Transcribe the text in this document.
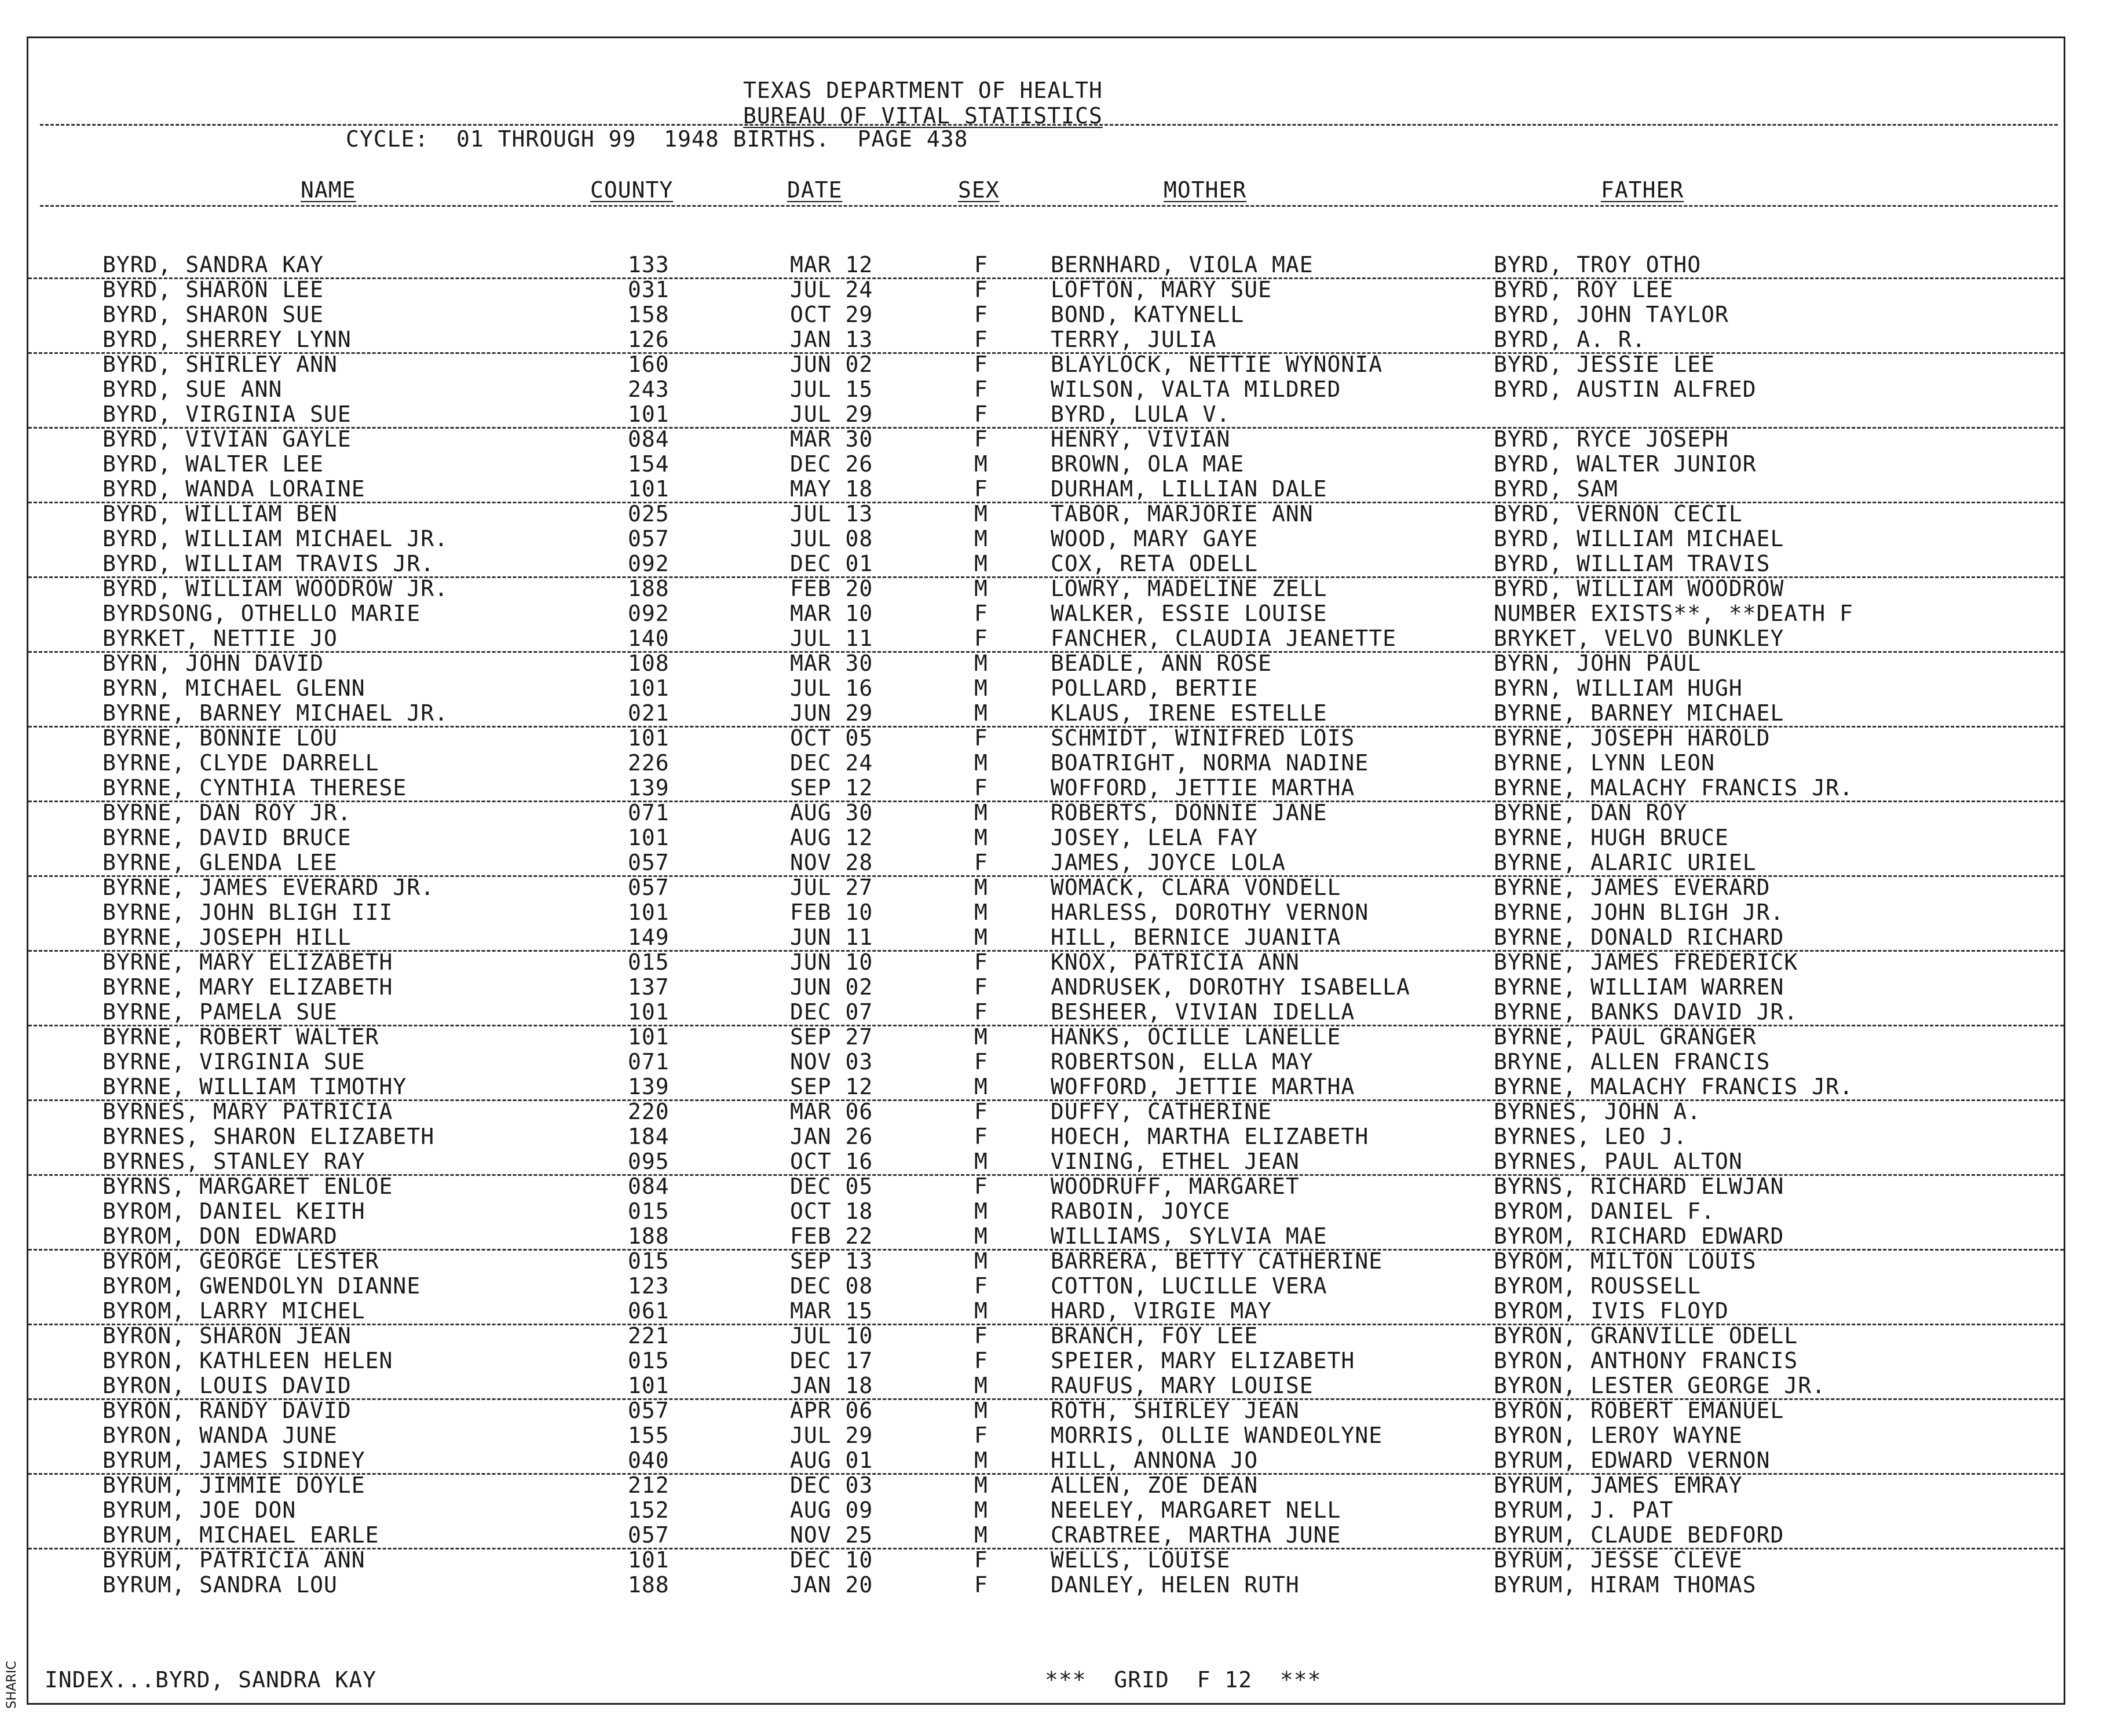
TEXAS DEPARTMENT OF HEALTH
BUREAU OF VITAL STATISTICS
CYCLE:  01 THROUGH 99  1948 BIRTHS.  PAGE 438
NAME	COUNTY	DATE	SEX	MOTHER	FATHER
BYRD, SANDRA KAY	133	MAR 12	F	BERNHARD, VIOLA MAE	BYRD, TROY OTHO
BYRD, SHARON LEE	031	JUL 24	F	LOFTON, MARY SUE	BYRD, ROY LEE
BYRD, SHARON SUE	158	OCT 29	F	BOND, KATYNELL	BYRD, JOHN TAYLOR
BYRD, SHERREY LYNN	126	JAN 13	F	TERRY, JULIA	BYRD, A. R.
BYRD, SHIRLEY ANN	160	JUN 02	F	BLAYLOCK, NETTIE WYNONIA	BYRD, JESSIE LEE
BYRD, SUE ANN	243	JUL 15	F	WILSON, VALTA MILDRED	BYRD, AUSTIN ALFRED
BYRD, VIRGINIA SUE	101	JUL 29	F	BYRD, LULA V.
BYRD, VIVIAN GAYLE	084	MAR 30	F	HENRY, VIVIAN	BYRD, RYCE JOSEPH
BYRD, WALTER LEE	154	DEC 26	M	BROWN, OLA MAE	BYRD, WALTER JUNIOR
BYRD, WANDA LORAINE	101	MAY 18	F	DURHAM, LILLIAN DALE	BYRD, SAM
BYRD, WILLIAM BEN	025	JUL 13	M	TABOR, MARJORIE ANN	BYRD, VERNON CECIL
BYRD, WILLIAM MICHAEL JR.	057	JUL 08	M	WOOD, MARY GAYE	BYRD, WILLIAM MICHAEL
BYRD, WILLIAM TRAVIS JR.	092	DEC 01	M	COX, RETA ODELL	BYRD, WILLIAM TRAVIS
BYRD, WILLIAM WOODROW JR.	188	FEB 20	M	LOWRY, MADELINE ZELL	BYRD, WILLIAM WOODROW
BYRDSONG, OTHELLO MARIE	092	MAR 10	F	WALKER, ESSIE LOUISE	NUMBER EXISTS**, **DEATH F
BYRKET, NETTIE JO	140	JUL 11	F	FANCHER, CLAUDIA JEANETTE	BRYKET, VELVO BUNKLEY
BYRN, JOHN DAVID	108	MAR 30	M	BEADLE, ANN ROSE	BYRN, JOHN PAUL
BYRN, MICHAEL GLENN	101	JUL 16	M	POLLARD, BERTIE	BYRN, WILLIAM HUGH
BYRNE, BARNEY MICHAEL JR.	021	JUN 29	M	KLAUS, IRENE ESTELLE	BYRNE, BARNEY MICHAEL
BYRNE, BONNIE LOU	101	OCT 05	F	SCHMIDT, WINIFRED LOIS	BYRNE, JOSEPH HAROLD
BYRNE, CLYDE DARRELL	226	DEC 24	M	BOATRIGHT, NORMA NADINE	BYRNE, LYNN LEON
BYRNE, CYNTHIA THERESE	139	SEP 12	F	WOFFORD, JETTIE MARTHA	BYRNE, MALACHY FRANCIS JR.
BYRNE, DAN ROY JR.	071	AUG 30	M	ROBERTS, DONNIE JANE	BYRNE, DAN ROY
BYRNE, DAVID BRUCE	101	AUG 12	M	JOSEY, LELA FAY	BYRNE, HUGH BRUCE
BYRNE, GLENDA LEE	057	NOV 28	F	JAMES, JOYCE LOLA	BYRNE, ALARIC URIEL
BYRNE, JAMES EVERARD JR.	057	JUL 27	M	WOMACK, CLARA VONDELL	BYRNE, JAMES EVERARD
BYRNE, JOHN BLIGH III	101	FEB 10	M	HARLESS, DOROTHY VERNON	BYRNE, JOHN BLIGH JR.
BYRNE, JOSEPH HILL	149	JUN 11	M	HILL, BERNICE JUANITA	BYRNE, DONALD RICHARD
BYRNE, MARY ELIZABETH	015	JUN 10	F	KNOX, PATRICIA ANN	BYRNE, JAMES FREDERICK
BYRNE, MARY ELIZABETH	137	JUN 02	F	ANDRUSEK, DOROTHY ISABELLA	BYRNE, WILLIAM WARREN
BYRNE, PAMELA SUE	101	DEC 07	F	BESHEER, VIVIAN IDELLA	BYRNE, BANKS DAVID JR.
BYRNE, ROBERT WALTER	101	SEP 27	M	HANKS, OCILLE LANELLE	BYRNE, PAUL GRANGER
BYRNE, VIRGINIA SUE	071	NOV 03	F	ROBERTSON, ELLA MAY	BRYNE, ALLEN FRANCIS
BYRNE, WILLIAM TIMOTHY	139	SEP 12	M	WOFFORD, JETTIE MARTHA	BYRNE, MALACHY FRANCIS JR.
BYRNES, MARY PATRICIA	220	MAR 06	F	DUFFY, CATHERINE	BYRNES, JOHN A.
BYRNES, SHARON ELIZABETH	184	JAN 26	F	HOECH, MARTHA ELIZABETH	BYRNES, LEO J.
BYRNES, STANLEY RAY	095	OCT 16	M	VINING, ETHEL JEAN	BYRNES, PAUL ALTON
BYRNS, MARGARET ENLOE	084	DEC 05	F	WOODRUFF, MARGARET	BYRNS, RICHARD ELWJAN
BYROM, DANIEL KEITH	015	OCT 18	M	RABOIN, JOYCE	BYROM, DANIEL F.
BYROM, DON EDWARD	188	FEB 22	M	WILLIAMS, SYLVIA MAE	BYROM, RICHARD EDWARD
BYROM, GEORGE LESTER	015	SEP 13	M	BARRERA, BETTY CATHERINE	BYROM, MILTON LOUIS
BYROM, GWENDOLYN DIANNE	123	DEC 08	F	COTTON, LUCILLE VERA	BYROM, ROUSSELL
BYROM, LARRY MICHEL	061	MAR 15	M	HARD, VIRGIE MAY	BYROM, IVIS FLOYD
BYRON, SHARON JEAN	221	JUL 10	F	BRANCH, FOY LEE	BYRON, GRANVILLE ODELL
BYRON, KATHLEEN HELEN	015	DEC 17	F	SPEIER, MARY ELIZABETH	BYRON, ANTHONY FRANCIS
BYRON, LOUIS DAVID	101	JAN 18	M	RAUFUS, MARY LOUISE	BYRON, LESTER GEORGE JR.
BYRON, RANDY DAVID	057	APR 06	M	ROTH, SHIRLEY JEAN	BYRON, ROBERT EMANUEL
BYRON, WANDA JUNE	155	JUL 29	F	MORRIS, OLLIE WANDEOLYNE	BYRON, LEROY WAYNE
BYRUM, JAMES SIDNEY	040	AUG 01	M	HILL, ANNONA JO	BYRUM, EDWARD VERNON
BYRUM, JIMMIE DOYLE	212	DEC 03	M	ALLEN, ZOE DEAN	BYRUM, JAMES EMRAY
BYRUM, JOE DON	152	AUG 09	M	NEELEY, MARGARET NELL	BYRUM, J. PAT
BYRUM, MICHAEL EARLE	057	NOV 25	M	CRABTREE, MARTHA JUNE	BYRUM, CLAUDE BEDFORD
BYRUM, PATRICIA ANN	101	DEC 10	F	WELLS, LOUISE	BYRUM, JESSE CLEVE
BYRUM, SANDRA LOU	188	JAN 20	F	DANLEY, HELEN RUTH	BYRUM, HIRAM THOMAS
INDEX...BYRD, SANDRA KAY	***  GRID  F 12  ***
SHARIC
